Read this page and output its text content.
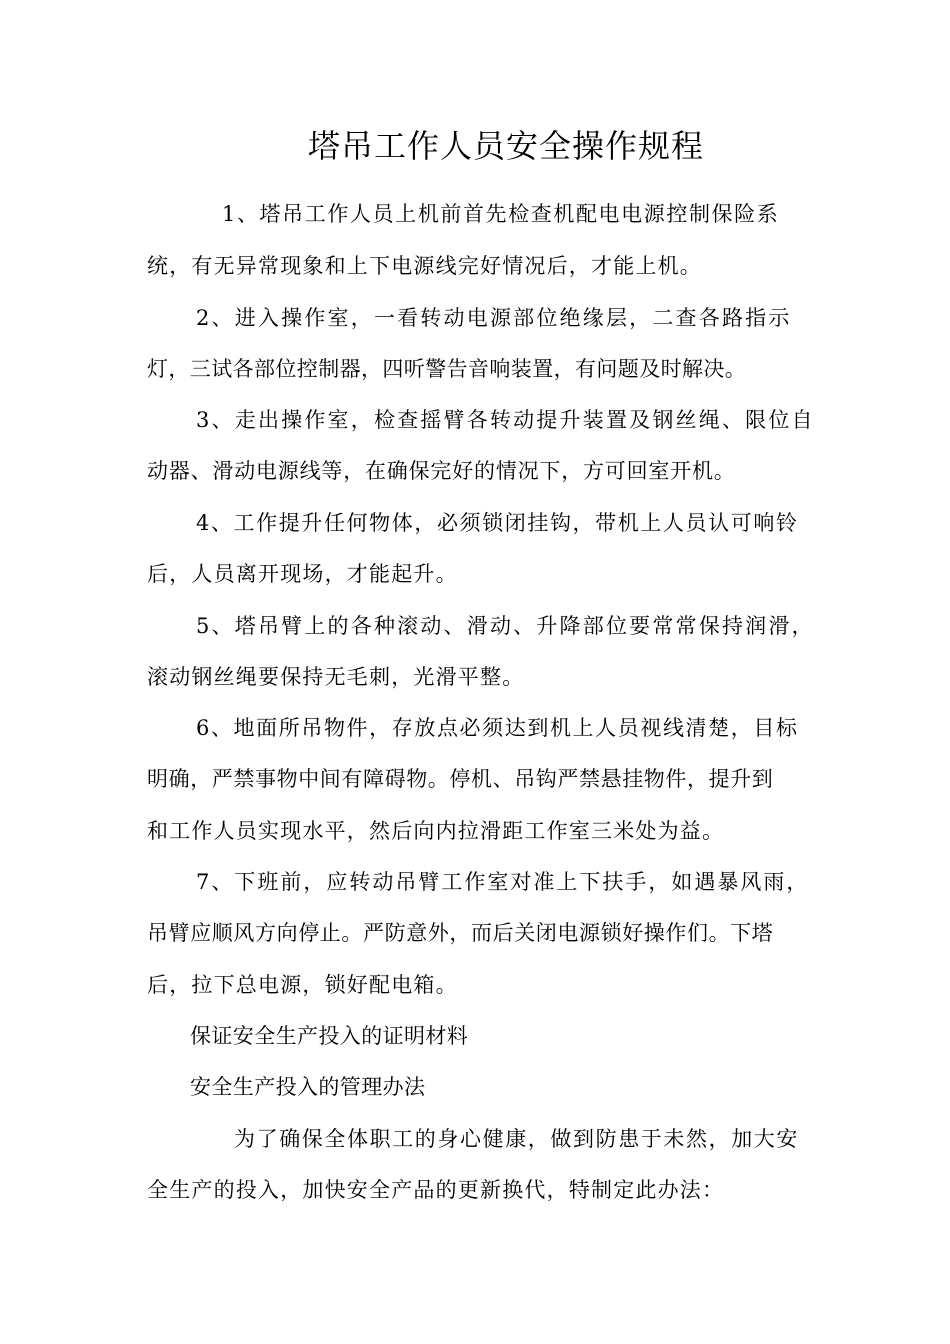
塔吊工作人员安全操作规程
1、塔吊工作人员上机前首先检查机配电电源控制保险系
统，有无异常现象和上下电源线完好情况后，才能上机。
2、进入操作室，一看转动电源部位绝缘层，二查各路指示
灯，三试各部位控制器，四听警告音响装置，有问题及时解决。
3、走出操作室，检查摇臂各转动提升装置及钢丝绳、限位自
动器、滑动电源线等，在确保完好的情况下，方可回室开机。
4、工作提升任何物体，必须锁闭挂钩，带机上人员认可响铃
后，人员离开现场，才能起升。
5、塔吊臂上的各种滚动、滑动、升降部位要常常保持润滑，
滚动钢丝绳要保持无毛刺，光滑平整。
6、地面所吊物件，存放点必须达到机上人员视线清楚，目标
明确，严禁事物中间有障碍物。停机、吊钩严禁悬挂物件，提升到
和工作人员实现水平，然后向内拉滑距工作室三米处为益。
7、下班前，应转动吊臂工作室对准上下扶手，如遇暴风雨，
吊臂应顺风方向停止。严防意外，而后关闭电源锁好操作们。下塔
后，拉下总电源，锁好配电箱。
保证安全生产投入的证明材料
安全生产投入的管理办法
为了确保全体职工的身心健康，做到防患于未然，加大安
全生产的投入，加快安全产品的更新换代，特制定此办法：
